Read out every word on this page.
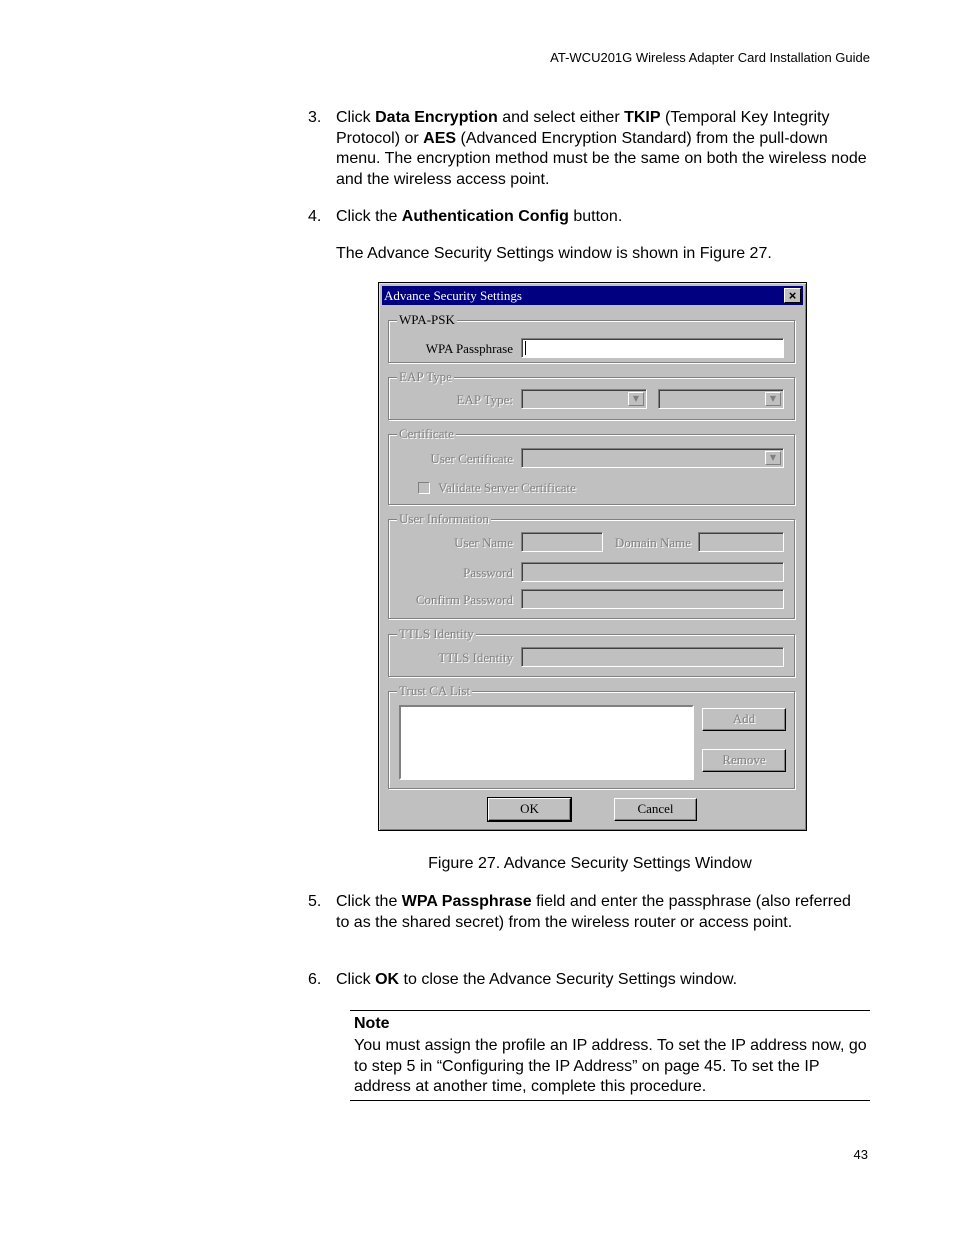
AT-WCU201G Wireless Adapter Card Installation Guide
3. Click Data Encryption and select either TKIP (Temporal Key Integrity Protocol) or AES (Advanced Encryption Standard) from the pull-down menu. The encryption method must be the same on both the wireless node and the wireless access point.
4. Click the Authentication Config button.
The Advance Security Settings window is shown in Figure 27.
Advance Security Settings	×
WPA-PSK
WPA Passphrase
EAP Type
EAP Type:	▼	▼
Certificate
User Certificate	▼
Validate Server Certificate
User Information
User Name	Domain Name
Password
Confirm Password
TTLS Identity
TTLS Identity
Trust CA List
Add
Remove
OK	Cancel
Figure 27. Advance Security Settings Window
5. Click the WPA Passphrase field and enter the passphrase (also referred to as the shared secret) from the wireless router or access point.
6. Click OK to close the Advance Security Settings window.
Note
You must assign the profile an IP address. To set the IP address now, go to step 5 in “Configuring the IP Address” on page 45. To set the IP address at another time, complete this procedure.
43
